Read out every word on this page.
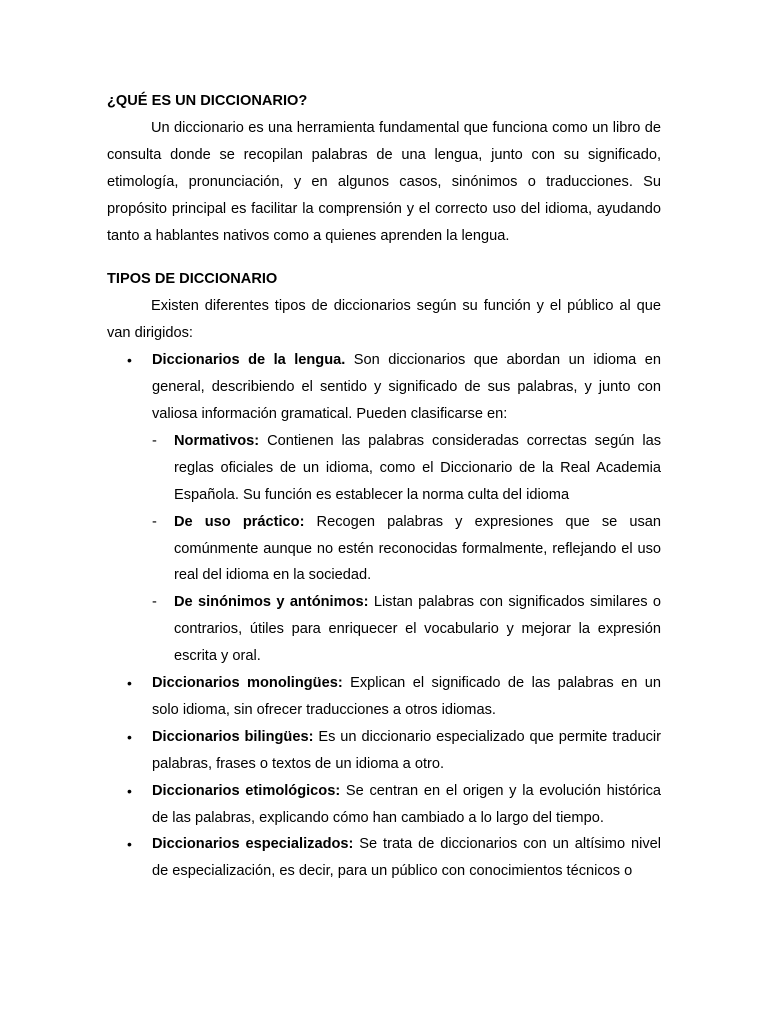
¿QUÉ ES UN DICCIONARIO?

Un diccionario es una herramienta fundamental que funciona como un libro de consulta donde se recopilan palabras de una lengua, junto con su significado, etimología, pronunciación, y en algunos casos, sinónimos o traducciones. Su propósito principal es facilitar la comprensión y el correcto uso del idioma, ayudando tanto a hablantes nativos como a quienes aprenden la lengua.

TIPOS DE DICCIONARIO

Existen diferentes tipos de diccionarios según su función y el público al que van dirigidos:

• Diccionarios de la lengua. Son diccionarios que abordan un idioma en general, describiendo el sentido y significado de sus palabras, y junto con valiosa información gramatical. Pueden clasificarse en:
- Normativos: Contienen las palabras consideradas correctas según las reglas oficiales de un idioma, como el Diccionario de la Real Academia Española. Su función es establecer la norma culta del idioma
- De uso práctico: Recogen palabras y expresiones que se usan comúnmente aunque no estén reconocidas formalmente, reflejando el uso real del idioma en la sociedad.
- De sinónimos y antónimos: Listan palabras con significados similares o contrarios, útiles para enriquecer el vocabulario y mejorar la expresión escrita y oral.
• Diccionarios monolingües: Explican el significado de las palabras en un solo idioma, sin ofrecer traducciones a otros idiomas.
• Diccionarios bilingües: Es un diccionario especializado que permite traducir palabras, frases o textos de un idioma a otro.
• Diccionarios etimológicos: Se centran en el origen y la evolución histórica de las palabras, explicando cómo han cambiado a lo largo del tiempo.
• Diccionarios especializados: Se trata de diccionarios con un altísimo nivel de especialización, es decir, para un público con conocimientos técnicos o
